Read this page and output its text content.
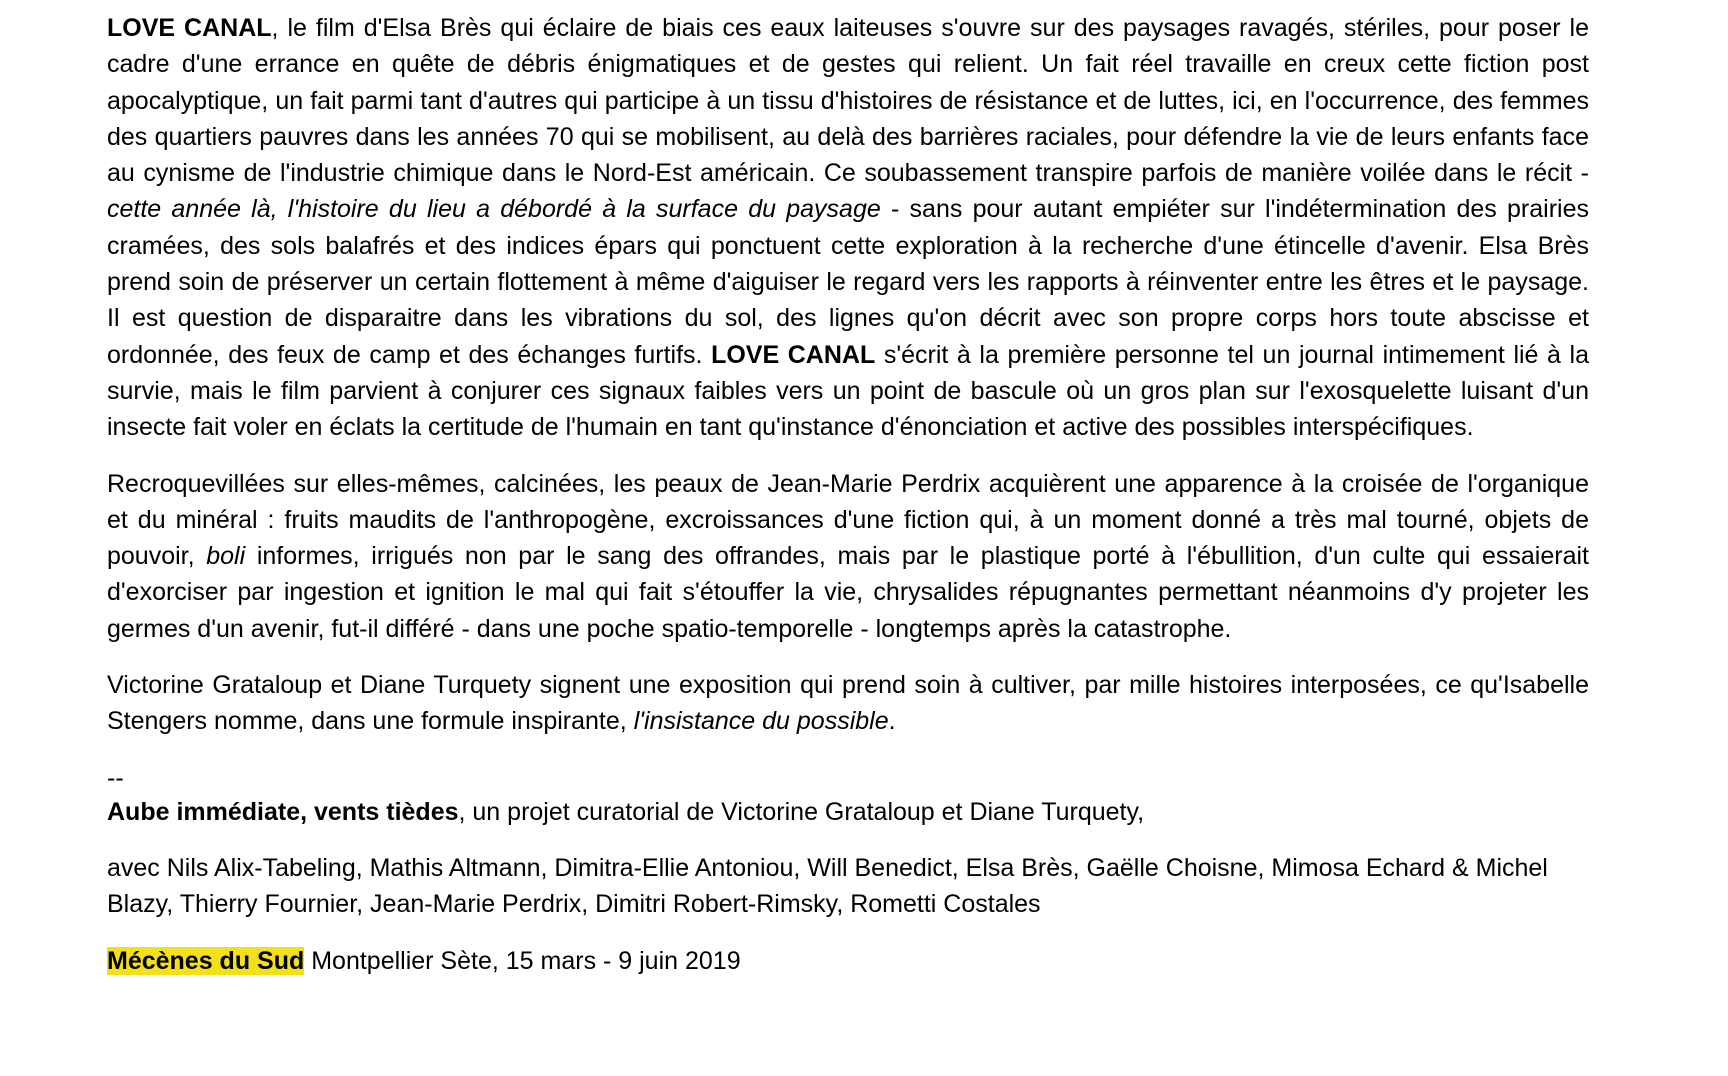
LOVE CANAL, le film d'Elsa Brès qui éclaire de biais ces eaux laiteuses s'ouvre sur des paysages ravagés, stériles, pour poser le cadre d'une errance en quête de débris énigmatiques et de gestes qui relient. Un fait réel travaille en creux cette fiction post apocalyptique, un fait parmi tant d'autres qui participe à un tissu d'histoires de résistance et de luttes, ici, en l'occurrence, des femmes des quartiers pauvres dans les années 70 qui se mobilisent, au delà des barrières raciales, pour défendre la vie de leurs enfants face au cynisme de l'industrie chimique dans le Nord-Est américain. Ce soubassement transpire parfois de manière voilée dans le récit - cette année là, l'histoire du lieu a débordé à la surface du paysage - sans pour autant empiéter sur l'indétermination des prairies cramées, des sols balafrés et des indices épars qui ponctuent cette exploration à la recherche d'une étincelle d'avenir. Elsa Brès prend soin de préserver un certain flottement à même d'aiguiser le regard vers les rapports à réinventer entre les êtres et le paysage. Il est question de disparaitre dans les vibrations du sol, des lignes qu'on décrit avec son propre corps hors toute abscisse et ordonnée, des feux de camp et des échanges furtifs. LOVE CANAL s'écrit à la première personne tel un journal intimement lié à la survie, mais le film parvient à conjurer ces signaux faibles vers un point de bascule où un gros plan sur l'exosquelette luisant d'un insecte fait voler en éclats la certitude de l'humain en tant qu'instance d'énonciation et active des possibles interspécifiques.

Recroquevillées sur elles-mêmes, calcinées, les peaux de Jean-Marie Perdrix acquièrent une apparence à la croisée de l'organique et du minéral : fruits maudits de l'anthropogène, excroissances d'une fiction qui, à un moment donné a très mal tourné, objets de pouvoir, boli informes, irrigués non par le sang des offrandes, mais par le plastique porté à l'ébullition, d'un culte qui essaierait d'exorciser par ingestion et ignition le mal qui fait s'étouffer la vie, chrysalides répugnantes permettant néanmoins d'y projeter les germes d'un avenir, fut-il différé - dans une poche spatio-temporelle - longtemps après la catastrophe.

Victorine Grataloup et Diane Turquety signent une exposition qui prend soin à cultiver, par mille histoires interposées, ce qu'Isabelle Stengers nomme, dans une formule inspirante, l'insistance du possible.

--

Aube immédiate, vents tièdes, un projet curatorial de Victorine Grataloup et Diane Turquety,

avec Nils Alix-Tabeling, Mathis Altmann, Dimitra-Ellie Antoniou, Will Benedict, Elsa Brès, Gaëlle Choisne, Mimosa Echard & Michel Blazy, Thierry Fournier, Jean-Marie Perdrix, Dimitri Robert-Rimsky, Rometti Costales

Mécènes du Sud Montpellier Sète, 15 mars - 9 juin 2019
